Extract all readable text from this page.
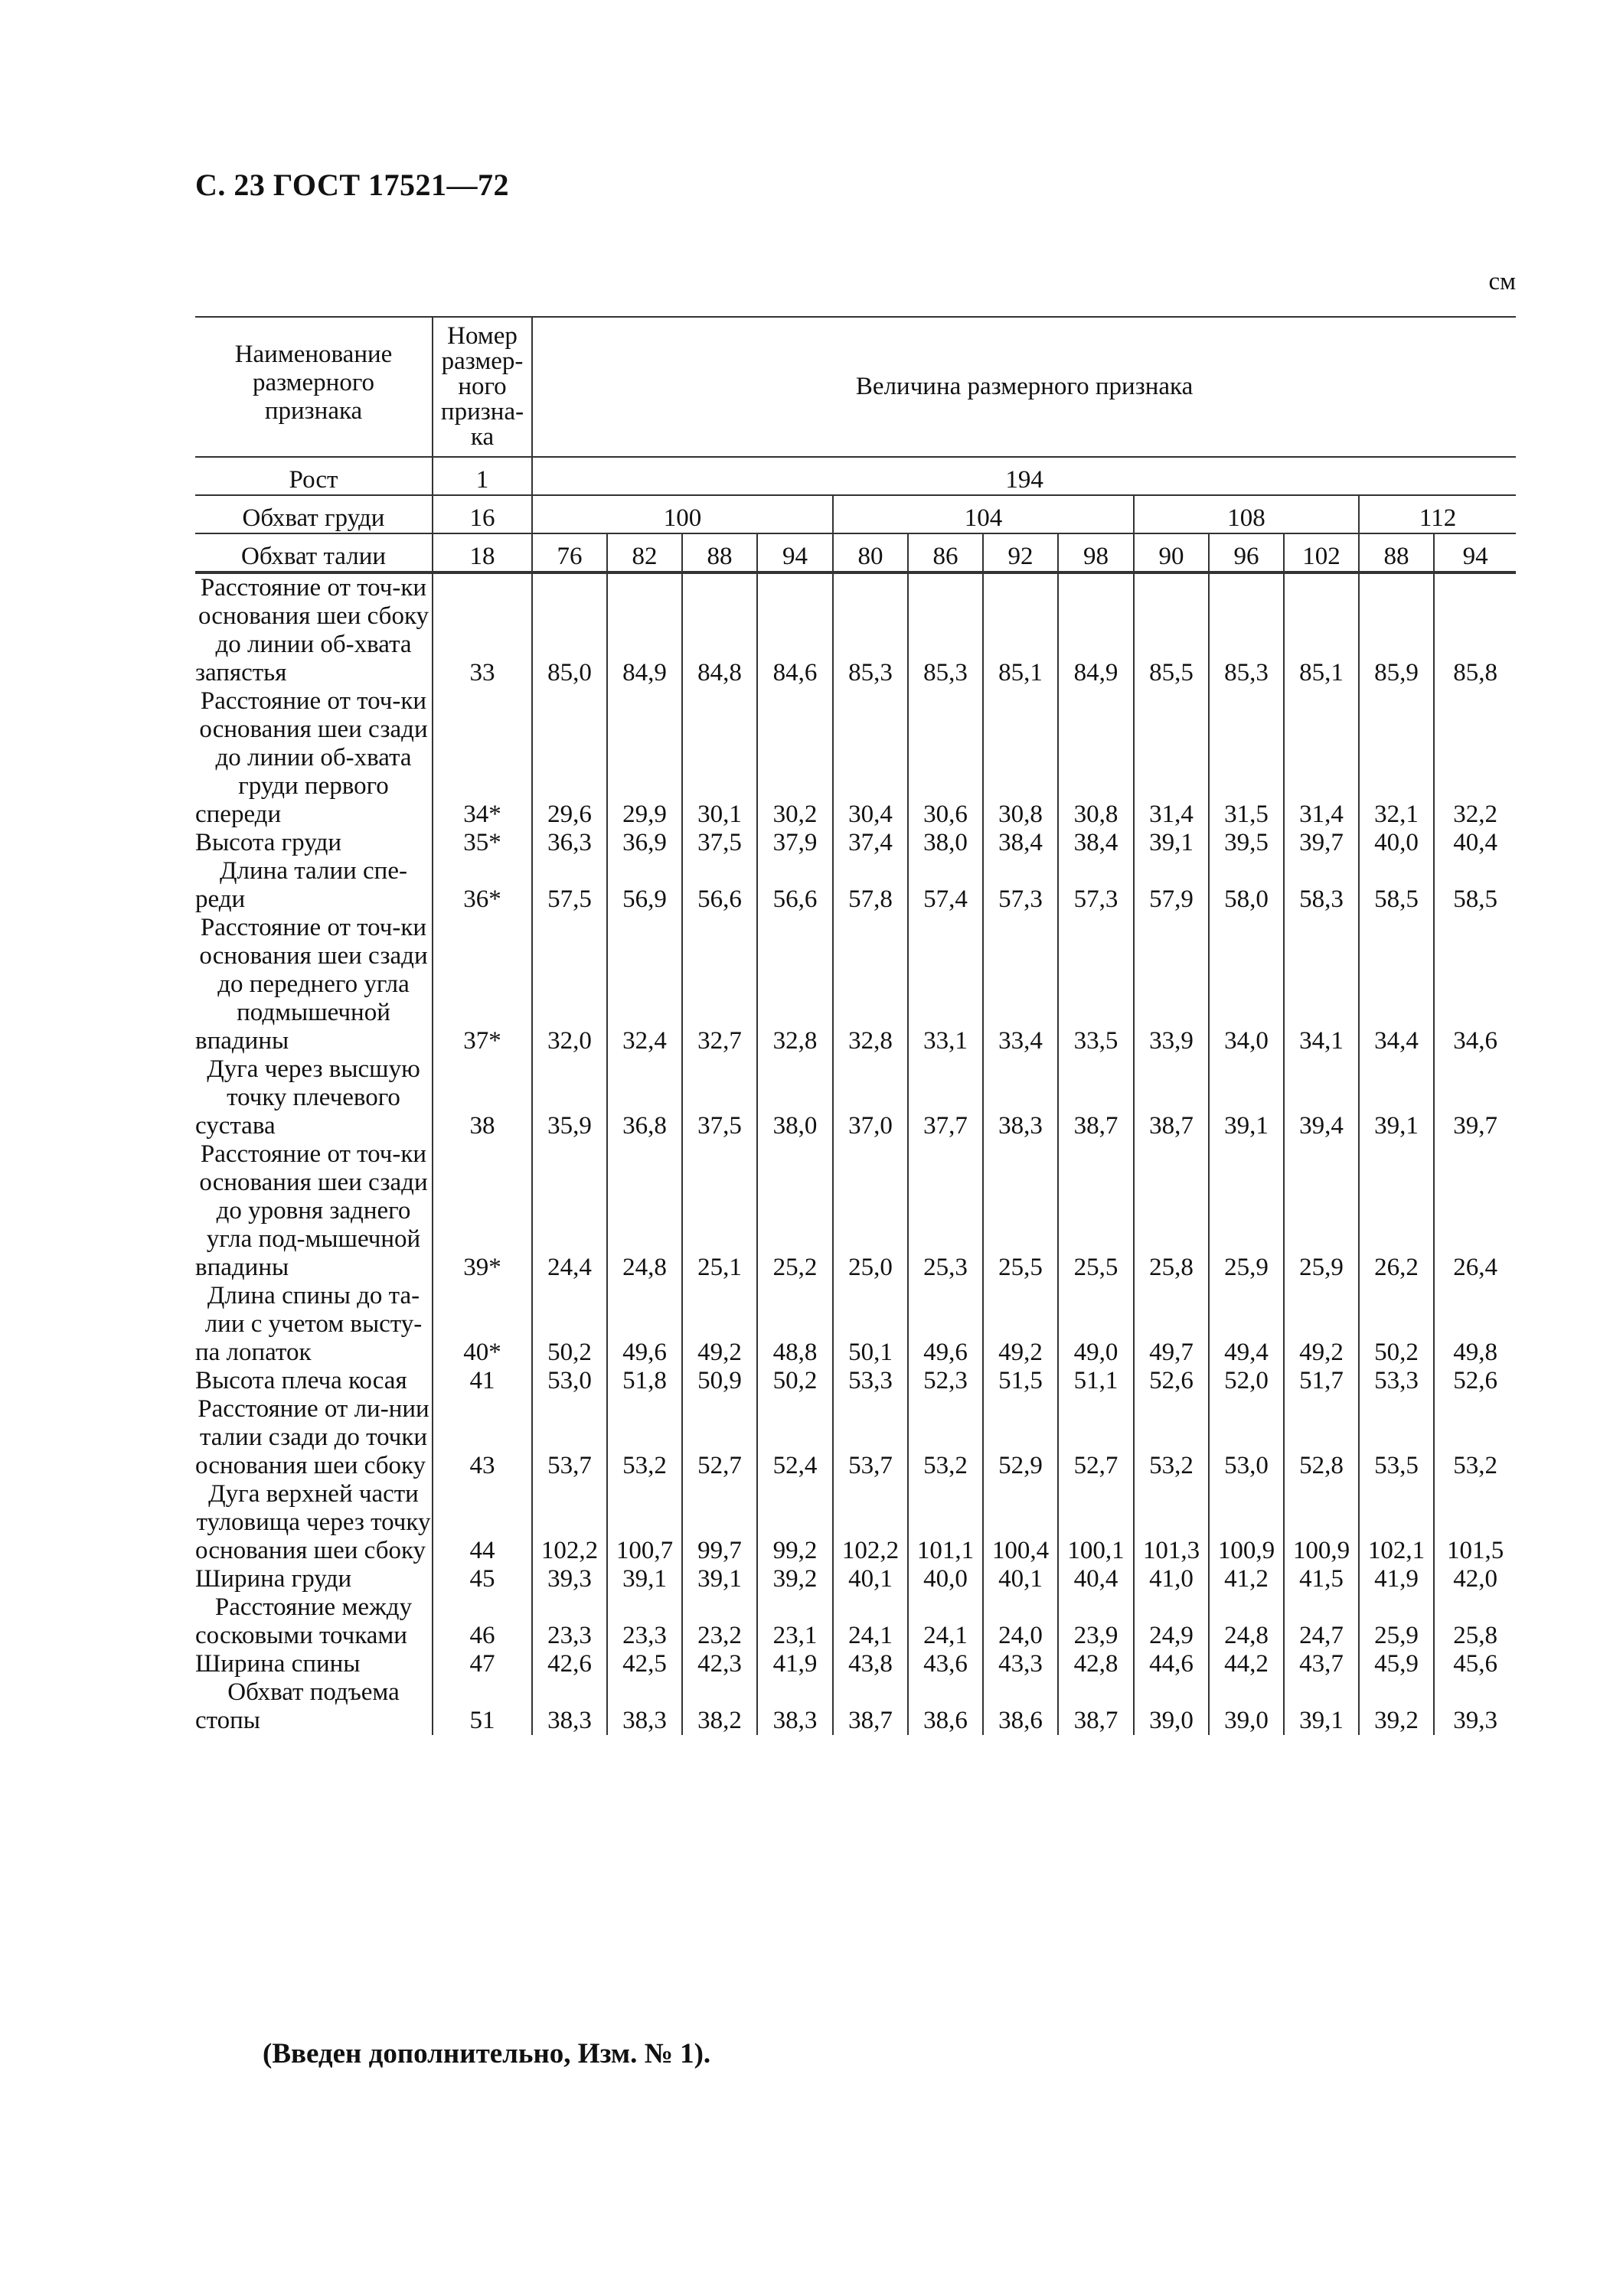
С. 23 ГОСТ 17521—72
см
Наименование размерного признака	Номер размер-ного призна-ка	Величина размерного признака												
Рост	1	194												
Обхват груди	16	100				104				108			112	
Обхват талии	18	76	82	88	94	80	86	92	98	90	96	102	88	94
Расстояние от точ-ки основания шеи сбоку до линии об-хвата запястья	33	85,0	84,9	84,8	84,6	85,3	85,3	85,1	84,9	85,5	85,3	85,1	85,9	85,8
Расстояние от точ-ки основания шеи сзади до линии об-хвата груди первого спереди	34*	29,6	29,9	30,1	30,2	30,4	30,6	30,8	30,8	31,4	31,5	31,4	32,1	32,2
Высота груди	35*	36,3	36,9	37,5	37,9	37,4	38,0	38,4	38,4	39,1	39,5	39,7	40,0	40,4
Длина талии спе-реди	36*	57,5	56,9	56,6	56,6	57,8	57,4	57,3	57,3	57,9	58,0	58,3	58,5	58,5
Расстояние от точ-ки основания шеи сзади до переднего угла подмышечной впадины	37*	32,0	32,4	32,7	32,8	32,8	33,1	33,4	33,5	33,9	34,0	34,1	34,4	34,6
Дуга через высшую точку плечевого сустава	38	35,9	36,8	37,5	38,0	37,0	37,7	38,3	38,7	38,7	39,1	39,4	39,1	39,7
Расстояние от точ-ки основания шеи сзади до уровня заднего угла под-мышечной впадины	39*	24,4	24,8	25,1	25,2	25,0	25,3	25,5	25,5	25,8	25,9	25,9	26,2	26,4
Длина спины до та-лии с учетом высту-па лопаток	40*	50,2	49,6	49,2	48,8	50,1	49,6	49,2	49,0	49,7	49,4	49,2	50,2	49,8
Высота плеча косая	41	53,0	51,8	50,9	50,2	53,3	52,3	51,5	51,1	52,6	52,0	51,7	53,3	52,6
Расстояние от ли-нии талии сзади до точки основания шеи сбоку	43	53,7	53,2	52,7	52,4	53,7	53,2	52,9	52,7	53,2	53,0	52,8	53,5	53,2
Дуга верхней части туловища через точку основания шеи сбоку	44	102,2	100,7	99,7	99,2	102,2	101,1	100,4	100,1	101,3	100,9	100,9	102,1	101,5
Ширина груди	45	39,3	39,1	39,1	39,2	40,1	40,0	40,1	40,4	41,0	41,2	41,5	41,9	42,0
Расстояние между сосковыми точками	46	23,3	23,3	23,2	23,1	24,1	24,1	24,0	23,9	24,9	24,8	24,7	25,9	25,8
Ширина спины	47	42,6	42,5	42,3	41,9	43,8	43,6	43,3	42,8	44,6	44,2	43,7	45,9	45,6
Обхват подъема стопы	51	38,3	38,3	38,2	38,3	38,7	38,6	38,6	38,7	39,0	39,0	39,1	39,2	39,3
(Введен дополнительно, Изм. № 1).
